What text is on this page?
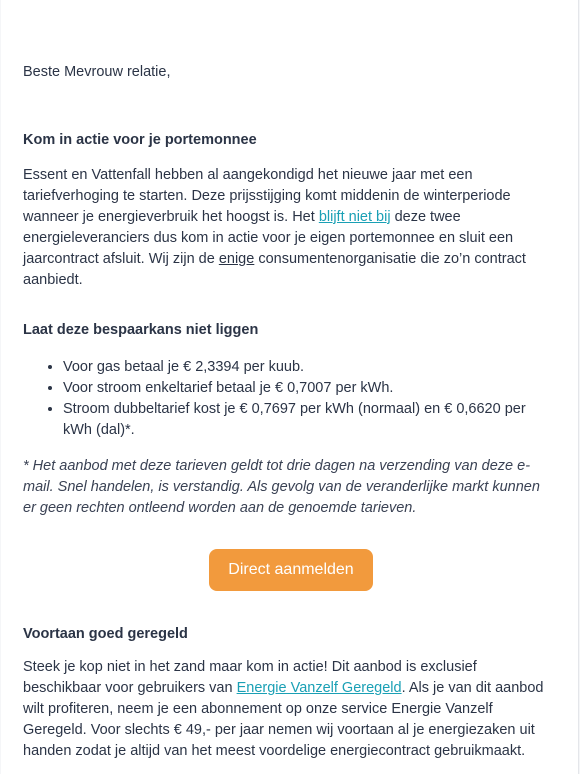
Beste Mevrouw relatie,
Kom in actie voor je portemonnee

Essent en Vattenfall hebben al aangekondigd het nieuwe jaar met een tariefverhoging te starten. Deze prijsstijging komt middenin de winterperiode wanneer je energieverbruik het hoogst is. Het blijft niet bij deze twee energieleveranciers dus kom in actie voor je eigen portemonnee en sluit een jaarcontract afsluit. Wij zijn de enige consumentenorganisatie die zo’n contract aanbiedt.

Laat deze bespaarkans niet liggen
• Voor gas betaal je € 2,3394 per kuub.
• Voor stroom enkeltarief betaal je € 0,7007 per kWh.
• Stroom dubbeltarief kost je € 0,7697 per kWh (normaal) en € 0,6620 per kWh (dal)*.

* Het aanbod met deze tarieven geldt tot drie dagen na verzending van deze e-mail. Snel handelen, is verstandig. Als gevolg van de veranderlijke markt kunnen er geen rechten ontleend worden aan de genoemde tarieven.

Voortaan goed geregeld

Steek je kop niet in het zand maar kom in actie! Dit aanbod is exclusief beschikbaar voor gebruikers van Energie Vanzelf Geregeld. Als je van dit aanbod wilt profiteren, neem je een abonnement op onze service Energie Vanzelf Geregeld. Voor slechts € 49,- per jaar nemen wij voortaan al je energiezaken uit handen zodat je altijd van het meest voordelige energiecontract gebruikmaakt.

Direct aanmelden
